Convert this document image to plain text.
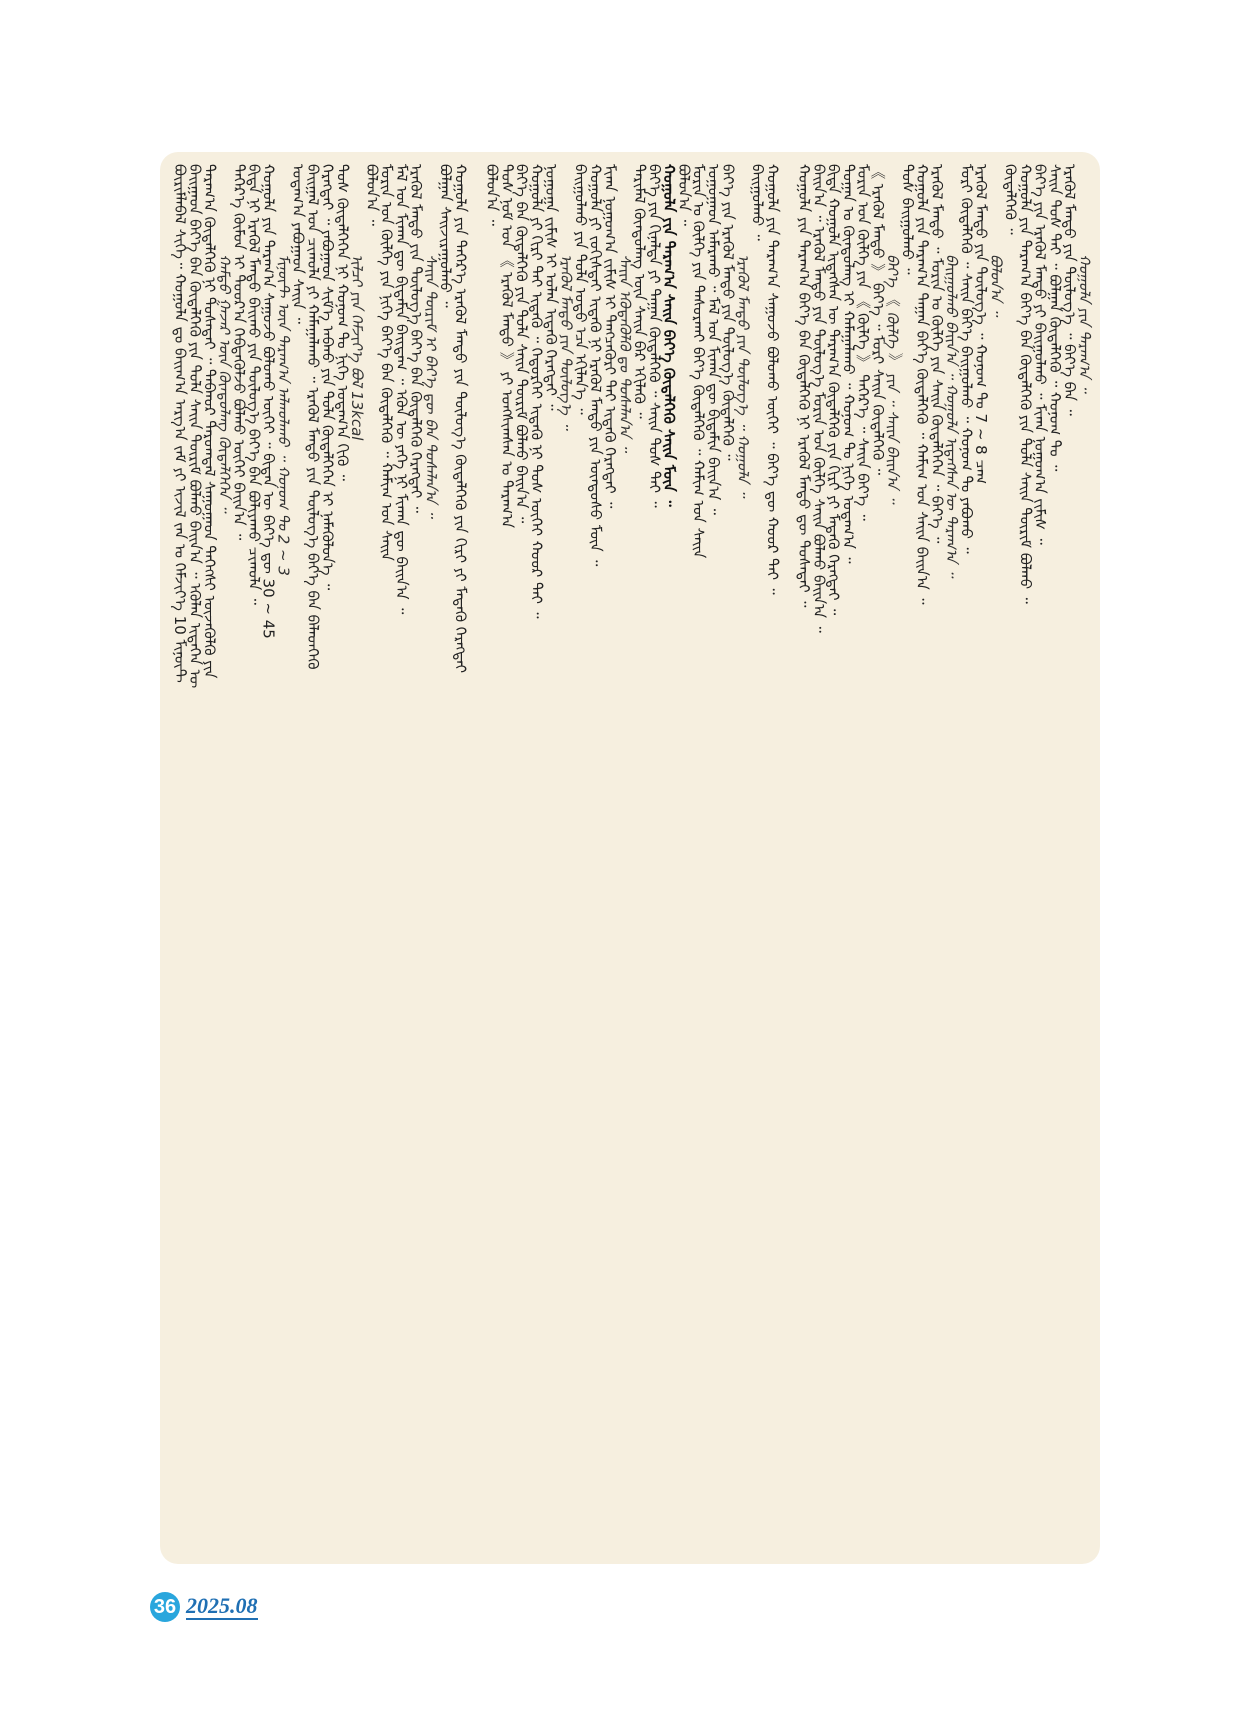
ᠪᠦᠷᠢᠮᠯᠡᠪᠡᠯ ᠰᠢᠭᠡ᠃ ᠬᠣᠭᠣᠯᠠ ᠳᠤ ᠪᠠᠢᠭ᠎ᠠ ᠠᠷᠭ᠎ᠠ ᠵᠠᠮ ᠶᠢ ᠢᠵᠢᠯ ᠵᠠᠨ ᠤ ᠬᠡᠮᠵᠢᠶ᠎ᠡ 10 ᠮᠢᠨᠦ᠋ᠲ
ᠪᠠᠢᠭᠠᠳ ᠪᠡᠶ᠎ᠡ ᠪᠡᠨ ᠬᠥᠳᠡᠯᠭᠡᠬᠦ ᠶᠢᠨ ᠲᠤᠯᠠ ᠰᠠᠢᠨ ᠳᠦᠷᠢᠮ ᠪᠣᠯᠬᠤ ᠪᠠᠢᠨ᠎ᠠ ᠃ ᠡᠬᠦᠯᠡᠨ ᠢᠳᠡᠭᠡᠨ ᠦ
ᠳᠠᠷᠠᠭ᠎ᠠ ᠬᠥᠳᠡᠯᠭᠡᠬᠦ ᠨᠢ ᠲᠤᠰᠠᠲᠠᠢ ᠃ ᠳᠠᠪᠬᠤᠷ ᠳᠠᠷᠤᠭᠳᠠᠯ ᠰᠠᠭᠤᠭᠠᠳ ᠳᠡᠭᠡᠭᠰᠢ ᠦᠵᠡᠭᠦᠯᠬᠦ ᠶᠢᠨ
ᠬᠠᠮᠲᠤ ᠭᠠᠵᠠᠷ ᠦᠨ ᠬᠦᠨᠳᠦᠯᠡᠩ ᠬᠥᠳᠡᠯᠭᠡᠭᠡᠨ ᠃
ᠳᠡᠭᠡᠷ᠎ᠡ ᠬᠦᠮᠦᠨ ᠢ ᠳᠣᠣᠷ᠎ᠠ ᠬᠡᠪᠳᠡᠭᠦᠯᠵᠦ ᠪᠣᠯᠬᠤ ᠦᠭᠡᠢ ᠪᠠᠢᠨ᠎ᠠ ᠃
ᠪᠢᠳᠡ ᠨᠢ ᠡᠷᠡᠭᠦᠯ ᠮᠡᠨᠳᠦ ᠪᠠᠢᠬᠤ ᠶᠢᠨ ᠲᠥᠯᠦᠭ᠎ᠡ ᠪᠡᠶ᠎ᠡ ᠪᠡᠨ ᠪᠤᠯᠢᠶᠠᠬᠤ ᠴᠢᠬᠤᠯᠠ ᠃
ᠬᠣᠭᠣᠯᠠ ᠶᠢᠨ ᠳᠠᠷᠠᠭ᠎ᠠ ᠰᠠᠭᠤᠵᠤ ᠪᠣᠯᠣᠬᠤ ᠦᠭᠡᠢ ᠃ ᠪᠢᠳᠡᠨ ᠦ ᠪᠡᠶ᠎ᠡ ᠳᠦ 30 ~ 45
ᠮᠢᠨᠦ᠋ᠲ ᠦᠨ ᠳᠠᠷᠠᠭ᠎ᠠ ᠠᠯᠬᠤᠯᠠᠬᠤ ᠃ ᠬᠣᠨᠤᠭ ᠲᠤ 2 ~ 3
ᠤᠳᠠᠭ᠎ᠠ ᠶᠠᠪᠤᠭᠠᠳ ᠰᠠᠢᠨ ᠃
ᠪᠠᠢᠭᠠᠯ ᠤᠨ ᠴᠢᠬᠤᠯᠠ ᠶᠢ ᠬᠠᠮᠠᠭᠠᠯᠠᠬᠤ ᠃ ᠡᠷᠡᠭᠦᠯ ᠮᠡᠨᠳᠦ ᠶᠢᠨ ᠲᠥᠯᠦᠭ᠎ᠡ ᠪᠡᠶ᠎ᠡ ᠪᠡᠨ ᠪᠡᠯᠡᠳᠬᠡᠬᠦ
ᠬᠡᠷᠡᠭᠲᠡᠢ ᠃ ᠶᠠᠪᠤᠭᠠᠳ ᠰᠢᠮ᠎ᠡ ᠠᠪᠬᠤ ᠶᠢᠨ ᠲᠤᠯᠠ ᠬᠥᠳᠡᠯᠭᠡᠭᠡᠨ ᠢ ᠨᠡᠮᠡᠭᠦᠯᠦᠨ᠎ᠡ ᠃
ᠲᠤᠰ ᠬᠥᠳᠡᠯᠭᠡᠭᠡᠨ ᠨᠢ ᠬᠣᠨᠤᠭ ᠲᠤ ᠨᠢᠭᠡ ᠤᠳᠠᠭ᠎ᠠ ᠬᠢᠬᠦ ᠃
ᠢᠯᠴᠢ ᠶᠢᠨ ᠬᠡᠮᠵᠢᠶ᠎ᠡ ᠪᠣᠯ 13kcal
ᠪᠣᠯᠤᠨ᠎ᠠ ᠃
ᠮᠣᠷᠢᠨ ᠤᠨ ᠬᠦᠯᠭᠡ ᠶᠢᠨ ᠨᠢᠭᠡ ᠪᠡᠶ᠎ᠡ ᠪᠡᠨ ᠬᠥᠳᠡᠯᠭᠡᠬᠦ ᠃ ᠬᠠᠮᠢᠭ ᠤᠨ ᠰᠠᠢᠨ
ᠮᠠᠯ ᠤᠨ ᠮᠢᠬᠠᠨ ᠳᠦ ᠪᠢᠲᠠᠮᠢᠨ ᠪᠠᠢᠳᠠᠭ ᠃ ᠡᠭᠦᠨ ᠦ ᠶᠡᠬᠡ ᠨᠢ ᠮᠢᠬᠠᠨ ᠳᠦ ᠪᠠᠢᠨ᠎ᠠ ᠃
ᠡᠷᠡᠭᠦᠯ ᠮᠡᠨᠳᠦ ᠶᠢᠨ ᠲᠥᠯᠦᠭ᠎ᠡ ᠪᠡᠶ᠎ᠡ ᠪᠡᠨ ᠬᠥᠳᠡᠯᠭᠡᠬᠦ ᠬᠡᠷᠡᠭᠲᠡᠢ ᠃
ᠰᠠᠢᠨ ᠳᠦᠷᠢᠮ ᠢ ᠪᠡᠶ᠎ᠡ ᠳᠦ ᠪᠠᠨ ᠲᠤᠰᠠᠯᠠᠨ᠎ᠠ ᠃
ᠪᠣᠯᠭᠠᠨ ᠰᠠᠢᠵᠢᠷᠠᠭᠤᠯᠬᠤ ᠃
ᠬᠣᠭᠣᠯᠠ ᠶᠢᠨ ᠳᠡᠭᠡᠷ᠎ᠡ ᠡᠷᠡᠭᠦᠯ ᠮᠡᠨᠳᠦ ᠶᠢᠨ ᠲᠥᠯᠦᠭ᠎ᠡ ᠬᠥᠳᠡᠯᠭᠡᠬᠦ ᠶᠢᠨ ᠬᠢᠷᠢ ᠶᠢ ᠮᠡᠳᠡᠬᠦ ᠬᠡᠷᠡᠭᠲᠡᠢ ᠪᠣᠯᠤᠨ᠎ᠠ ᠃
ᠲᠤᠰ ᠨᠣᠮ ᠤᠨ 《 ᠡᠷᠡᠭᠦᠯ ᠮᠡᠨᠳᠦ 》 ᠶᠢ ᠤᠩᠰᠢᠭᠰᠠᠨ ᠤ ᠳᠠᠷᠠᠭ᠎ᠠ
ᠪᠡᠶ᠎ᠡ ᠪᠡᠨ ᠬᠥᠳᠡᠯᠭᠡᠬᠦ ᠶᠢᠨ ᠲᠤᠯᠠ ᠰᠠᠢᠨ ᠳᠦᠷᠢᠮ ᠪᠣᠯᠬᠤ ᠪᠠᠢᠨ᠎ᠠ ᠃
ᠬᠣᠭᠣᠯᠠ ᠶᠢ ᠬᠢᠷᠢ ᠲᠠᠢ ᠢᠳᠡᠬᠦ ᠃ ᠬᠡᠲᠦᠷᠬᠡᠢ ᠢᠳᠡᠬᠦ ᠨᠢ ᠲᠤᠰ ᠦᠭᠡᠢ ᠬᠣᠣᠷ ᠲᠠᠢ ᠃
ᠨᠣᠭᠤᠭᠠ ᠵᠢᠮᠢᠰ ᠢ ᠣᠯᠠᠨ ᠢᠳᠡᠬᠦ ᠬᠡᠷᠡᠭᠲᠡᠢ ᠃
ᠡᠷᠡᠭᠦᠯ ᠮᠡᠨᠳᠦ ᠶᠢᠨ ᠲᠥᠯᠦᠭ᠎ᠡ ᠃
ᠪᠠᠢᠭᠤᠯᠬᠤ ᠶᠢᠨ ᠲᠤᠯᠠ ᠣᠳᠣ ᠡᠴᠡ ᠡᠬᠢᠯᠡᠨ᠎ᠡ ᠃
ᠬᠣᠭᠣᠯᠠ ᠶᠢ ᠵᠣᠬᠢᠰᠲᠠᠢ ᠢᠳᠡᠬᠦ ᠨᠢ ᠡᠷᠡᠭᠦᠯ ᠮᠡᠨᠳᠦ ᠶᠢᠨ ᠦᠨᠳᠦᠰᠦ ᠮᠥᠨ ᠃
ᠮᠢᠬᠠ ᠨᠣᠭᠤᠭ᠎ᠠ ᠵᠢᠮᠢᠰ ᠢ ᠲᠡᠩᠴᠡᠭᠦᠷᠢ ᠲᠠᠢ ᠢᠳᠡᠬᠦ ᠬᠡᠷᠡᠭᠲᠡᠢ ᠃
ᠰᠠᠢᠨ ᠡᠭᠦᠳᠡᠭᠦᠯᠬᠦ ᠳᠤ ᠲᠤᠰᠠᠯᠠᠨ᠎ᠠ ᠃
ᠲᠠᠷᠢᠮᠠᠯ ᠬᠦᠨᠳᠦᠯᠡᠩ ᠦᠨ ᠰᠠᠢᠨ ᠪᠠᠷ ᠡᠬᠢᠯᠡᠬᠦ ᠃
ᠪᠡᠶ᠎ᠡ ᠶᠢᠨ ᠬᠢᠨᠠᠯᠲᠠ ᠶᠢ ᠳᠠᠭᠠᠨ ᠬᠥᠳᠡᠯᠭᠡᠬᠦ ᠃ ᠰᠠᠢᠨ ᠲᠤᠰ ᠲᠠᠢ ᠃
ᠬᠣᠭᠣᠯᠠ ᠶᠢᠨ ᠳᠠᠷᠠᠭ᠎ᠠ ᠰᠠᠢᠨ ᠪᠡᠶ᠎ᠡ ᠬᠥᠳᠡᠯᠭᠡᠬᠦ ᠰᠠᠢᠨ ᠮᠥᠨ ᠃
ᠪᠣᠯᠤᠨ᠎ᠠ ᠃
ᠮᠣᠷᠢᠨ ᠤ ᠬᠦᠯᠭᠡ ᠶᠢᠨ ᠲᠠᠰᠤᠷᠬᠠᠢ ᠪᠡᠶ᠎ᠡ ᠬᠥᠳᠡᠯᠭᠡᠬᠦ ᠃ ᠬᠠᠮᠢᠭ ᠤᠨ ᠰᠠᠢᠨ
ᠤᠭᠤᠭᠠᠳ ᠠᠮᠠᠷᠠᠬᠤ ᠃ ᠮᠠᠯ ᠤᠨ ᠮᠢᠬᠠᠨ ᠳᠦ ᠪᠢᠲᠠᠮᠢᠨ ᠪᠠᠢᠨ᠎ᠠ ᠃
ᠪᠡᠶ᠎ᠡ ᠶᠢᠨ ᠡᠷᠡᠭᠦᠯ ᠮᠡᠨᠳᠦ ᠶᠢᠨ ᠲᠥᠯᠦᠭ᠎ᠡ ᠬᠥᠳᠡᠯᠭᠡᠬᠦ ᠃
ᠡᠷᠡᠭᠦᠯ ᠮᠡᠨᠳᠦ ᠶᠢᠨ ᠲᠥᠯᠦᠭ᠎ᠡ ᠃ ᠬᠣᠭᠣᠯᠠ ᠃
ᠪᠠᠢᠭᠤᠯᠬᠤ ᠃
ᠬᠣᠭᠣᠯᠠ ᠶᠢᠨ ᠳᠠᠷᠠᠭ᠎ᠠ ᠰᠠᠭᠤᠵᠤ ᠪᠣᠯᠣᠬᠤ ᠦᠭᠡᠢ ᠃ ᠪᠡᠶ᠎ᠡ ᠳᠦ ᠬᠣᠣᠷ ᠲᠠᠢ ᠃ ᠬᠣᠭᠣᠯᠠ ᠶᠢᠨ ᠳᠠᠷᠠᠭ᠎ᠠ ᠪᠡᠶ᠎ᠡ ᠪᠡᠨ ᠬᠥᠳᠡᠯᠭᠡᠬᠦ ᠨᠢ ᠡᠷᠡᠭᠦᠯ ᠮᠡᠨᠳᠦ ᠳᠦ ᠲᠤᠰᠠᠲᠠᠢ ᠃
ᠪᠠᠢᠨ᠎ᠠ ᠃ ᠡᠷᠡᠭᠦᠯ ᠮᠡᠨᠳᠦ ᠶᠢᠨ ᠲᠥᠯᠦᠭ᠎ᠡ ᠮᠣᠷᠢᠨ ᠤᠨ ᠬᠦᠯᠭᠡ ᠰᠠᠢᠨ ᠪᠣᠯᠬᠤ ᠪᠠᠢᠨ᠎ᠠ ᠃
ᠪᠢᠳᠡ ᠬᠣᠭᠣᠯᠠ ᠢᠳᠡᠭᠰᠡᠨ ᠦ ᠳᠠᠷᠠᠭ᠎ᠠ ᠬᠥᠳᠡᠯᠭᠡᠬᠦ ᠶᠢᠨ ᠬᠢᠷᠢ ᠶᠢ ᠮᠡᠳᠡᠬᠦ ᠬᠡᠷᠡᠭᠲᠡᠢ ᠃
ᠲᠣᠭᠠᠨ ᠤ ᠬᠦᠨᠳᠦᠯᠡᠩ ᠢ ᠬᠠᠮᠠᠭᠠᠯᠠᠬᠤ ᠃ ᠬᠣᠨᠤᠭ ᠲᠤ ᠨᠢᠭᠡ ᠤᠳᠠᠭ᠎ᠠ ᠃
ᠮᠣᠷᠢᠨ ᠤᠨ ᠬᠦᠯᠭᠡ ᠶᠢᠨ 《 ᠬᠦᠯᠭᠡ 》 ᠳᠡᠭᠡᠷ᠎ᠡ ᠃ ᠰᠠᠢᠨ ᠪᠡᠶ᠎ᠡ ᠃
《 ᠡᠷᠡᠭᠦᠯ ᠮᠡᠨᠳᠦ 》 ᠪᠡᠶ᠎ᠡ ᠃ ᠮᠣᠷᠢ ᠰᠠᠢᠨ ᠬᠥᠳᠡᠯᠭᠡᠬᠦ ᠃
ᠪᠡᠶ᠎ᠡ 《 ᠬᠦᠯᠭᠡ 》 ᠶᠢᠨ ᠃ ᠰᠠᠢᠨ ᠪᠠᠢᠨ᠎ᠠ ᠃
ᠲᠤᠰ ᠪᠠᠢᠭᠤᠯᠬᠤ ᠃
ᠬᠣᠭᠣᠯᠠ ᠶᠢᠨ ᠳᠠᠷᠠᠭ᠎ᠠ ᠲᠠᠭᠠᠨ ᠪᠡᠶ᠎ᠡ ᠬᠥᠳᠡᠯᠭᠡᠬᠦ ᠃ ᠬᠠᠮᠢᠭ ᠤᠨ ᠰᠠᠢᠨ ᠪᠠᠢᠨ᠎ᠠ ᠃
ᠡᠷᠡᠭᠦᠯ ᠮᠡᠨᠳᠦ ᠃ ᠮᠣᠷᠢᠨ ᠤ ᠬᠦᠯᠭᠡ ᠶᠢᠨ ᠰᠠᠢᠨ ᠬᠥᠳᠡᠯᠭᠡᠭᠡᠨ ᠃ ᠪᠡᠶ᠎ᠡ ᠃
ᠪᠠᠢᠭᠤᠯᠬᠤ ᠪᠠᠢᠨ᠎ᠠ ᠃ ᠬᠣᠭᠣᠯᠠ ᠢᠳᠡᠭᠰᠡᠨ ᠦ ᠳᠠᠷᠠᠭ᠎ᠠ ᠃
ᠮᠣᠷᠢ ᠬᠥᠳᠡᠯᠭᠡᠬᠦ ᠃ ᠰᠠᠢᠨ ᠪᠡᠶ᠎ᠡ ᠪᠠᠢᠭᠤᠯᠬᠤ ᠃ ᠬᠣᠨᠤᠭ ᠲᠤ ᠶᠠᠪᠤᠬᠤ ᠃
ᠡᠷᠡᠭᠦᠯ ᠮᠡᠨᠳᠦ ᠶᠢᠨ ᠲᠥᠯᠦᠭ᠎ᠡ ᠃ ᠬᠣᠨᠤᠭ ᠲᠤ 7 ~ 8 ᠴᠠᠭ
ᠪᠣᠯᠤᠨ᠎ᠠ ᠃
ᠬᠥᠳᠡᠯᠭᠡᠬᠦ ᠃
ᠬᠣᠭᠣᠯᠠ ᠶᠢᠨ ᠳᠠᠷᠠᠭ᠎ᠠ ᠪᠡᠶ᠎ᠡ ᠪᠡᠨ ᠬᠥᠳᠡᠯᠭᠡᠬᠦ ᠶᠢᠨ ᠲᠤᠯᠠ ᠰᠠᠢᠨ ᠳᠦᠷᠢᠮ ᠪᠣᠯᠬᠤ ᠃
ᠪᠡᠶ᠎ᠡ ᠶᠢᠨ ᠡᠷᠡᠭᠦᠯ ᠮᠡᠨᠳᠦ ᠶᠢ ᠪᠠᠢᠭᠤᠯᠬᠤ ᠃ ᠮᠢᠬᠠ ᠨᠣᠭᠤᠭ᠎ᠠ ᠵᠢᠮᠢᠰ ᠃
ᠰᠠᠢᠨ ᠲᠤᠰ ᠲᠠᠢ ᠃ ᠪᠣᠯᠭᠠᠨ ᠬᠥᠳᠡᠯᠭᠡᠬᠦ ᠃ ᠬᠣᠨᠤᠭ ᠲᠤ ᠃
ᠡᠷᠡᠭᠦᠯ ᠮᠡᠨᠳᠦ ᠶᠢᠨ ᠲᠥᠯᠦᠭ᠎ᠡ ᠃ ᠪᠡᠶ᠎ᠡ ᠪᠡᠨ ᠃
ᠬᠣᠭᠣᠯᠠ ᠶᠢᠨ ᠳᠠᠷᠠᠭ᠎ᠠ ᠃
36 2025.08
